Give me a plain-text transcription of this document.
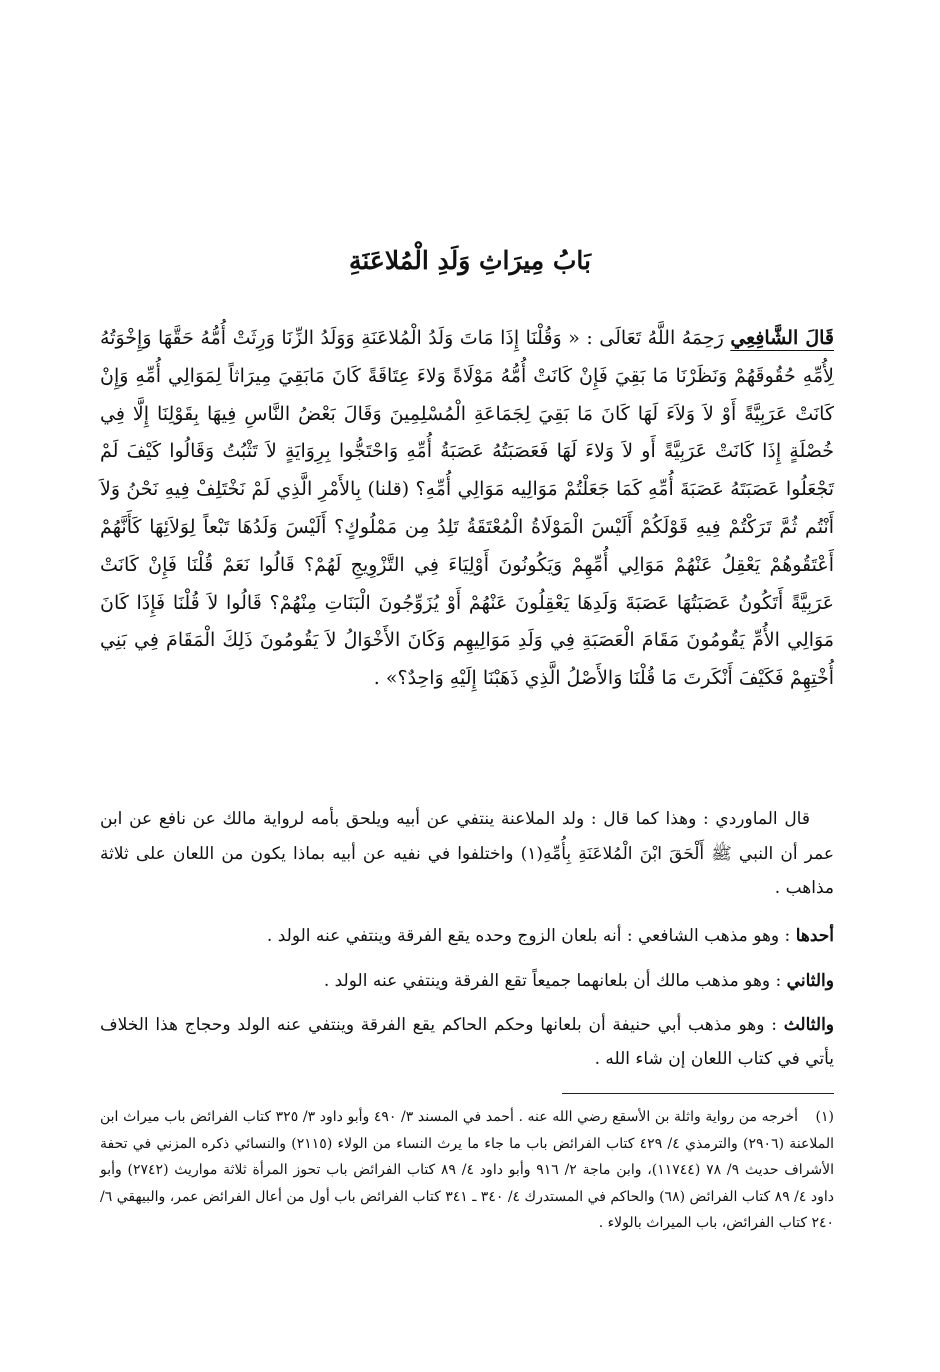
بَابُ مِيرَاثِ وَلَدِ الْمُلاعَنَةِ

قَالَ الشَّافِعِي رَحِمَهُ اللَّهُ تَعَالَى : « وَقُلْنَا إِذَا مَاتَ وَلَدُ الْمُلاعَنَةِ وَوَلَدُ الزِّنَا وَرِثَتْ أُمُّهُ حَقَّهَا وَإِخْوَتُهُ لِأُمِّهِ حُقُوقَهُمْ وَنَظَرْنَا مَا بَقِيَ فَإِنْ كَانَتْ أُمُّهُ مَوْلَاةً وَلاءَ عِتَاقَةً كَانَ مَابَقِيَ مِيرَاثاً لِمَوَالِي أُمِّهِ وَإِنْ كَانَتْ عَرَبِيَّةً أَوْ لاَ وَلاَءَ لَهَا كَانَ مَا بَقِيَ لِجَمَاعَةِ الْمُسْلِمِينَ وَقَالَ بَعْضُ النَّاسِ فِيهَا بِقَوْلِنَا إِلَّا فِي خُصْلَةٍ إِذَا كَانَتْ عَرَبِيَّةً أَو لاَ وَلاءَ لَهَا فَعَصَبَتُهُ عَصَبَةُ أُمِّهِ وَاحْتَجُّوا بِرِوَايَةٍ لاَ تَثْبُتُ وَقَالُوا كَيْفَ لَمْ تَجْعَلُوا عَصَبَتَهُ عَصَبَةَ أُمِّهِ كَمَا جَعَلْتُمْ مَوَالِيه مَوَالِي أُمِّهِ؟ (قلنا) بِالأَمْرِ الَّذِي لَمْ نَخْتَلِفْ فِيهِ نَحْنُ وَلاَ أَنْتُم ثُمَّ تَرَكْتُمْ فِيهِ قَوْلَكُمْ أَلَيْسَ الْمَوْلَاةُ الْمُعْتَقَةُ تَلِدُ مِن مَمْلُوكٍ؟ أَلَيْسَ وَلَدُهَا تَبْعاً لِوَلاَئِهَا كَأَنَّهُمْ أَعْتَقُوهُمْ يَعْقِلُ عَنْهُمْ مَوَالِي أُمِّهِمْ وَيَكُونُونَ أَوْلِيَاءَ فِي التَّزْوِيجِ لَهُمْ؟ قَالُوا نَعَمْ قُلْنَا فَإِنْ كَانَتْ عَرَبِيَّةً أَتَكُونُ عَصَبَتُهَا عَصَبَةَ وَلَدِهَا يَعْقِلُونَ عَنْهُمْ أَوْ يُزَوِّجُونَ الْبَنَاتِ مِنْهُمْ؟ قَالُوا لاَ قُلْنَا فَإِذَا كَانَ مَوَالِي الأُمِّ يَقُومُونَ مَقَامَ الْعَصَبَةِ فِي وَلَدِ مَوَالِيهِم وَكَانَ الأَخْوَالُ لاَ يَقُومُونَ ذَلِكَ الْمَقَامَ فِي بَنِي أُخْتِهِمْ فَكَيْفَ أَنْكَرتَ مَا قُلْنَا وَالأَصْلُ الَّذِي ذَهَبْنَا إِلَيْهِ وَاحِدٌ؟» .

قال الماوردي : وهذا كما قال : ولد الملاعنة ينتفي عن أبيه ويلحق بأمه لرواية مالك عن نافع عن ابن عمر أن النبي ﷺ أَلْحَقَ ابْنَ الْمُلاعَنَةِ بِأُمِّهِ(١) واختلفوا في نفيه عن أبيه بماذا يكون من اللعان على ثلاثة مذاهب .

أحدها : وهو مذهب الشافعي : أنه بلعان الزوج وحده يقع الفرقة وينتفي عنه الولد .

والثاني : وهو مذهب مالك أن بلعانهما جميعاً تقع الفرقة وينتفي عنه الولد .

والثالث : وهو مذهب أبي حنيفة أن بلعانها وحكم الحاكم يقع الفرقة وينتفي عنه الولد وحجاج هذا الخلاف يأتي في كتاب اللعان إن شاء الله .

(١)أخرجه من رواية واثلة بن الأسقع رضي الله عنه . أحمد في المسند ٣/ ٤٩٠ وأبو داود ٣/ ٣٢٥ كتاب الفرائض باب ميراث ابن الملاعنة (٢٩٠٦) والترمذي ٤/ ٤٢٩ كتاب الفرائض باب ما جاء ما يرث النساء من الولاء (٢١١٥) والنسائي ذكره المزني في تحفة الأشراف حديث ٩/ ٧٨ (١١٧٤٤)، وابن ماجة ٢/ ٩١٦ وأبو داود ٤/ ٨٩ كتاب الفرائض باب تحوز المرأة ثلاثة مواريث (٢٧٤٢) وأبو داود ٤/ ٨٩ كتاب الفرائض (٦٨) والحاكم في المستدرك ٤/ ٣٤٠ ـ ٣٤١ كتاب الفرائض باب أول من أعال الفرائض عمر، والبيهقي ٦/ ٢٤٠ كتاب الفرائض، باب الميراث بالولاء .
